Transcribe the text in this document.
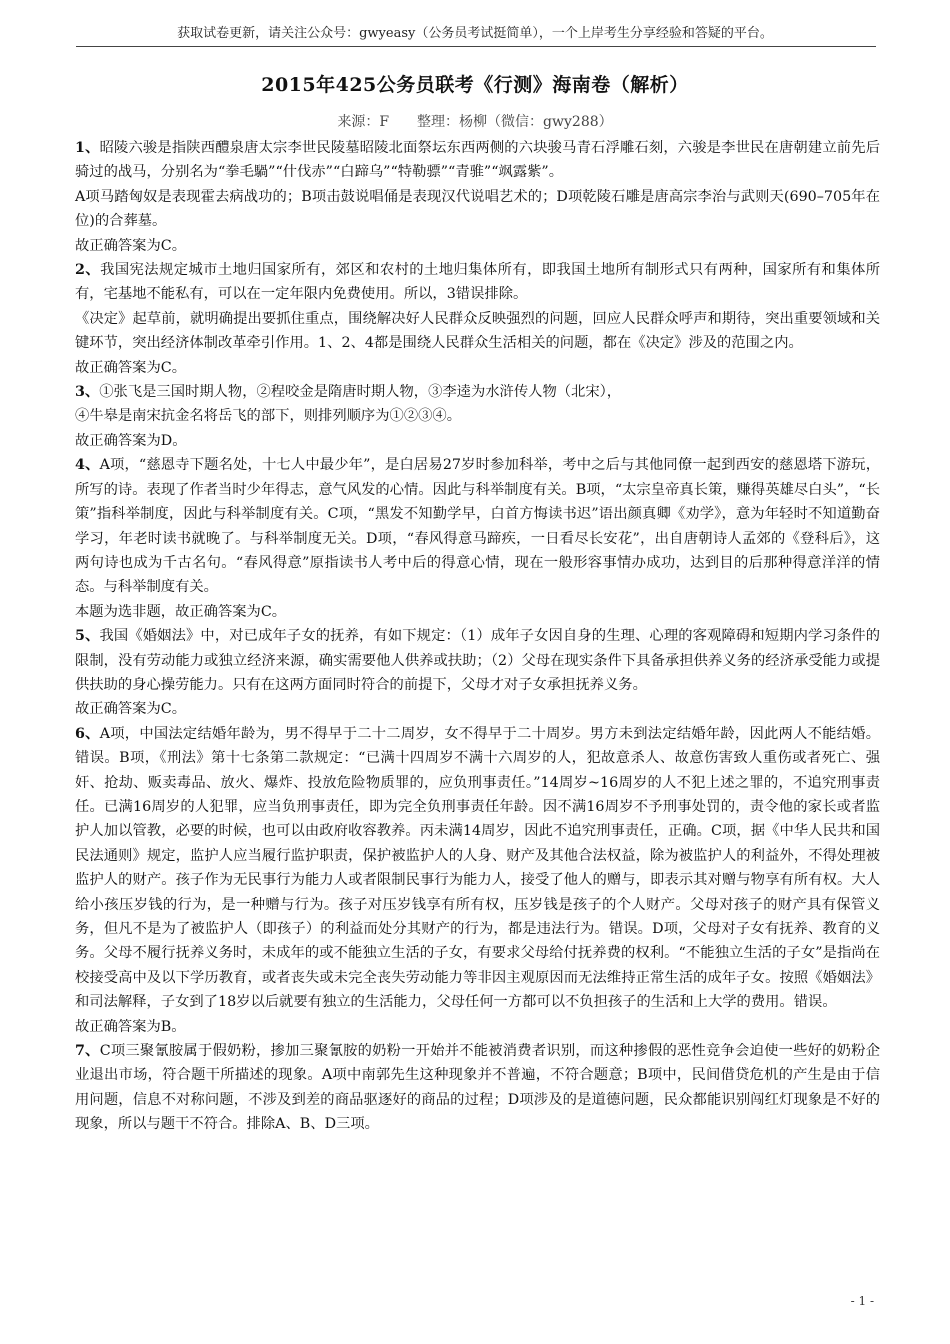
获取试卷更新，请关注公众号：gwyeasy（公务员考试挺简单），一个上岸考生分享经验和答疑的平台。
2015年425公务员联考《行测》海南卷（解析）
来源：F　　整理：杨柳（微信：gwy288）

1、昭陵六骏是指陕西醴泉唐太宗李世民陵墓昭陵北面祭坛东西两侧的六块骏马青石浮雕石刻，六骏是李世民在唐朝建立前先后骑过的战马，分别名为“拳毛騧”“什伐赤”“白蹄乌”“特勒骠”“青骓”“飒露紫”。

A项马踏匈奴是表现霍去病战功的；B项击鼓说唱俑是表现汉代说唱艺术的；D项乾陵石雕是唐高宗李治与武则天(690–705年在位)的合葬墓。

故正确答案为C。

2、我国宪法规定城市土地归国家所有，郊区和农村的土地归集体所有，即我国土地所有制形式只有两种，国家所有和集体所有，宅基地不能私有，可以在一定年限内免费使用。所以，3错误排除。

《决定》起草前，就明确提出要抓住重点，围绕解决好人民群众反映强烈的问题，回应人民群众呼声和期待，突出重要领域和关键环节，突出经济体制改革牵引作用。1、2、4都是围绕人民群众生活相关的问题，都在《决定》涉及的范围之内。

故正确答案为C。

3、①张飞是三国时期人物，②程咬金是隋唐时期人物，③李逵为水浒传人物（北宋），

④牛皋是南宋抗金名将岳飞的部下，则排列顺序为①②③④。

故正确答案为D。

4、A项，“慈恩寺下题名处，十七人中最少年”，是白居易27岁时参加科举，考中之后与其他同僚一起到西安的慈恩塔下游玩，所写的诗。表现了作者当时少年得志，意气风发的心情。因此与科举制度有关。B项，“太宗皇帝真长策，赚得英雄尽白头”，“长策”指科举制度，因此与科举制度有关。C项，“黑发不知勤学早，白首方悔读书迟”语出颜真卿《劝学》，意为年轻时不知道勤奋学习，年老时读书就晚了。与科举制度无关。D项，“春风得意马蹄疾，一日看尽长安花”，出自唐朝诗人孟郊的《登科后》，这两句诗也成为千古名句。“春风得意”原指读书人考中后的得意心情，现在一般形容事情办成功，达到目的后那种得意洋洋的情态。与科举制度有关。

本题为选非题，故正确答案为C。

5、我国《婚姻法》中，对已成年子女的抚养，有如下规定：（1）成年子女因自身的生理、心理的客观障碍和短期内学习条件的限制，没有劳动能力或独立经济来源，确实需要他人供养或扶助；（2）父母在现实条件下具备承担供养义务的经济承受能力或提供扶助的身心操劳能力。只有在这两方面同时符合的前提下，父母才对子女承担抚养义务。

故正确答案为C。

6、A项，中国法定结婚年龄为，男不得早于二十二周岁，女不得早于二十周岁。男方未到法定结婚年龄，因此两人不能结婚。错误。B项，《刑法》第十七条第二款规定：“已满十四周岁不满十六周岁的人，犯故意杀人、故意伤害致人重伤或者死亡、强奸、抢劫、贩卖毒品、放火、爆炸、投放危险物质罪的，应负刑事责任。”14周岁~16周岁的人不犯上述之罪的，不追究刑事责任。已满16周岁的人犯罪，应当负刑事责任，即为完全负刑事责任年龄。因不满16周岁不予刑事处罚的，责令他的家长或者监护人加以管教，必要的时候，也可以由政府收容教养。丙未满14周岁，因此不追究刑事责任，正确。C项，据《中华人民共和国民法通则》规定，监护人应当履行监护职责，保护被监护人的人身、财产及其他合法权益，除为被监护人的利益外，不得处理被监护人的财产。孩子作为无民事行为能力人或者限制民事行为能力人，接受了他人的赠与，即表示其对赠与物享有所有权。大人给小孩压岁钱的行为，是一种赠与行为。孩子对压岁钱享有所有权，压岁钱是孩子的个人财产。父母对孩子的财产具有保管义务，但凡不是为了被监护人（即孩子）的利益而处分其财产的行为，都是违法行为。错误。D项，父母对子女有抚养、教育的义务。父母不履行抚养义务时，未成年的或不能独立生活的子女，有要求父母给付抚养费的权利。“不能独立生活的子女”是指尚在校接受高中及以下学历教育，或者丧失或未完全丧失劳动能力等非因主观原因而无法维持正常生活的成年子女。按照《婚姻法》和司法解释，子女到了18岁以后就要有独立的生活能力，父母任何一方都可以不负担孩子的生活和上大学的费用。错误。

故正确答案为B。

7、C项三聚氰胺属于假奶粉，掺加三聚氰胺的奶粉一开始并不能被消费者识别，而这种掺假的恶性竞争会迫使一些好的奶粉企业退出市场，符合题干所描述的现象。A项中南郭先生这种现象并不普遍，不符合题意；B项中，民间借贷危机的产生是由于信用问题，信息不对称问题，不涉及到差的商品驱逐好的商品的过程；D项涉及的是道德问题，民众都能识别闯红灯现象是不好的现象，所以与题干不符合。排除A、B、D三项。

- 1 -
